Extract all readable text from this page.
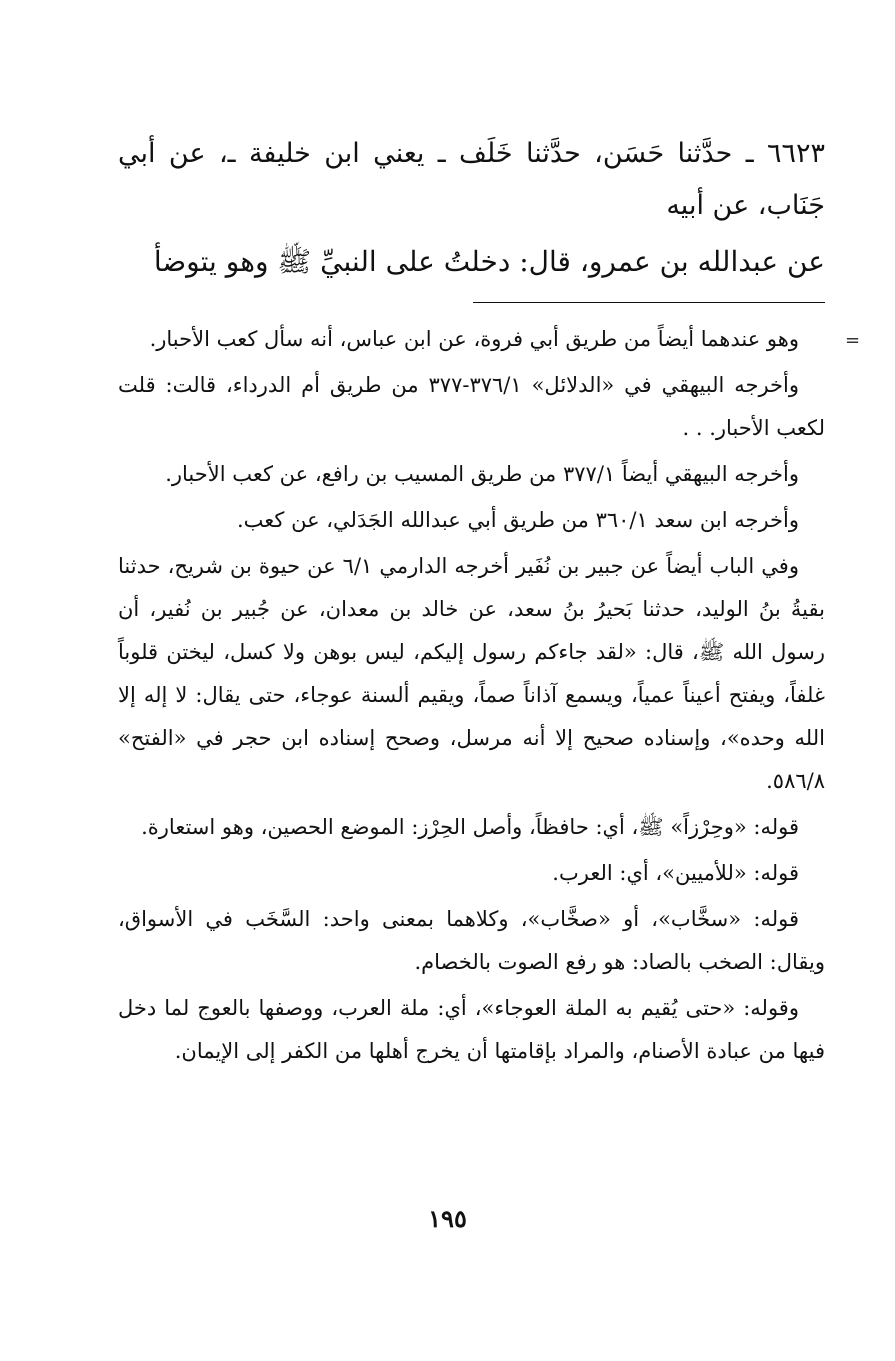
٦٦٢٣ ـ حدَّثنا حَسَن، حدَّثنا خَلَف ـ يعني ابن خليفة ـ، عن أبي جَنَاب، عن أبيه
عن عبدالله بن عمرو، قال: دخلتُ على النبيِّ ﷺ وهو يتوضأ
=

وهو عندهما أيضاً من طريق أبي فروة، عن ابن عباس، أنه سأل كعب الأحبار.

وأخرجه البيهقي في «الدلائل» ٣٧٦/١-٣٧٧ من طريق أم الدرداء، قالت: قلت لكعب الأحبار. . .

وأخرجه البيهقي أيضاً ٣٧٧/١ من طريق المسيب بن رافع، عن كعب الأحبار.

وأخرجه ابن سعد ٣٦٠/١ من طريق أبي عبدالله الجَدَلي، عن كعب.

وفي الباب أيضاً عن جبير بن نُفَير أخرجه الدارمي ٦/١ عن حيوة بن شريح، حدثنا بقيةُ بنُ الوليد، حدثنا بَحيرُ بنُ سعد، عن خالد بن معدان، عن جُبير بن نُفير، أن رسول الله ﷺ، قال: «لقد جاءكم رسول إليكم، ليس بوهن ولا كسل، ليختن قلوباً غلفاً، ويفتح أعيناً عمياً، ويسمع آذاناً صماً، ويقيم ألسنة عوجاء، حتى يقال: لا إله إلا الله وحده»، وإسناده صحيح إلا أنه مرسل، وصحح إسناده ابن حجر في «الفتح» ٥٨٦/٨.

قوله: «وحِرْزاً» ﷺ، أي: حافظاً، وأصل الحِرْز: الموضع الحصين، وهو استعارة.

قوله: «للأميين»، أي: العرب.

قوله: «سخَّاب»، أو «صخَّاب»، وكلاهما بمعنى واحد: السَّخَب في الأسواق، ويقال: الصخب بالصاد: هو رفع الصوت بالخصام.

وقوله: «حتى يُقيم به الملة العوجاء»، أي: ملة العرب، ووصفها بالعوج لما دخل فيها من عبادة الأصنام، والمراد بإقامتها أن يخرج أهلها من الكفر إلى الإيمان.

١٩٥
